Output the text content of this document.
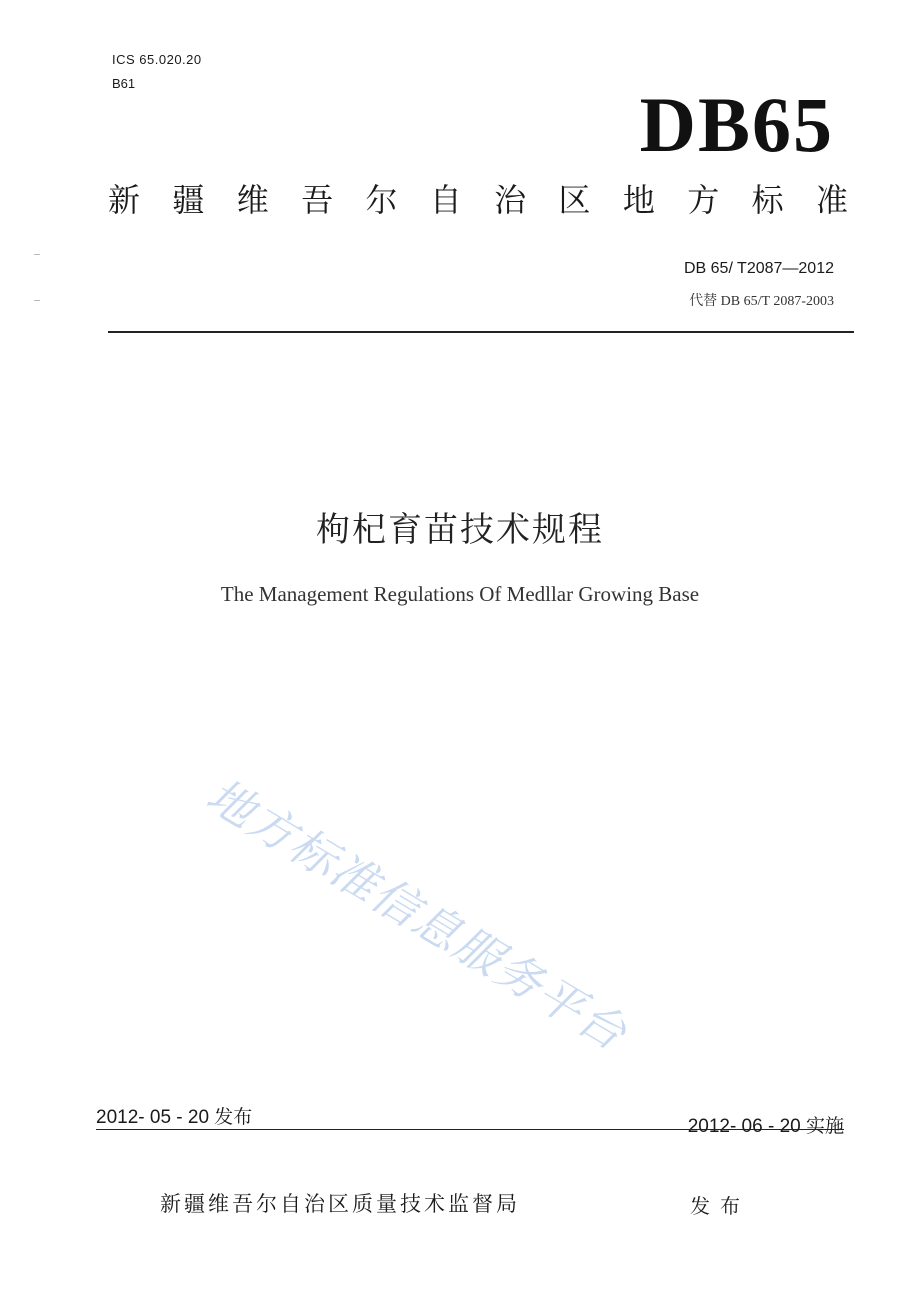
ICS 65.020.20
B61	DB65
新 疆 维 吾 尔 自 治 区 地 方 标 准
DB 65/ T2087—2012
代替 DB 65/T 2087-2003
枸杞育苗技术规程
The Management Regulations Of Medllar Growing Base
地方标准信息服务平台
2012- 05 - 20 发布	2012- 06 - 20 实施
新疆维吾尔自治区质量技术监督局	发布
